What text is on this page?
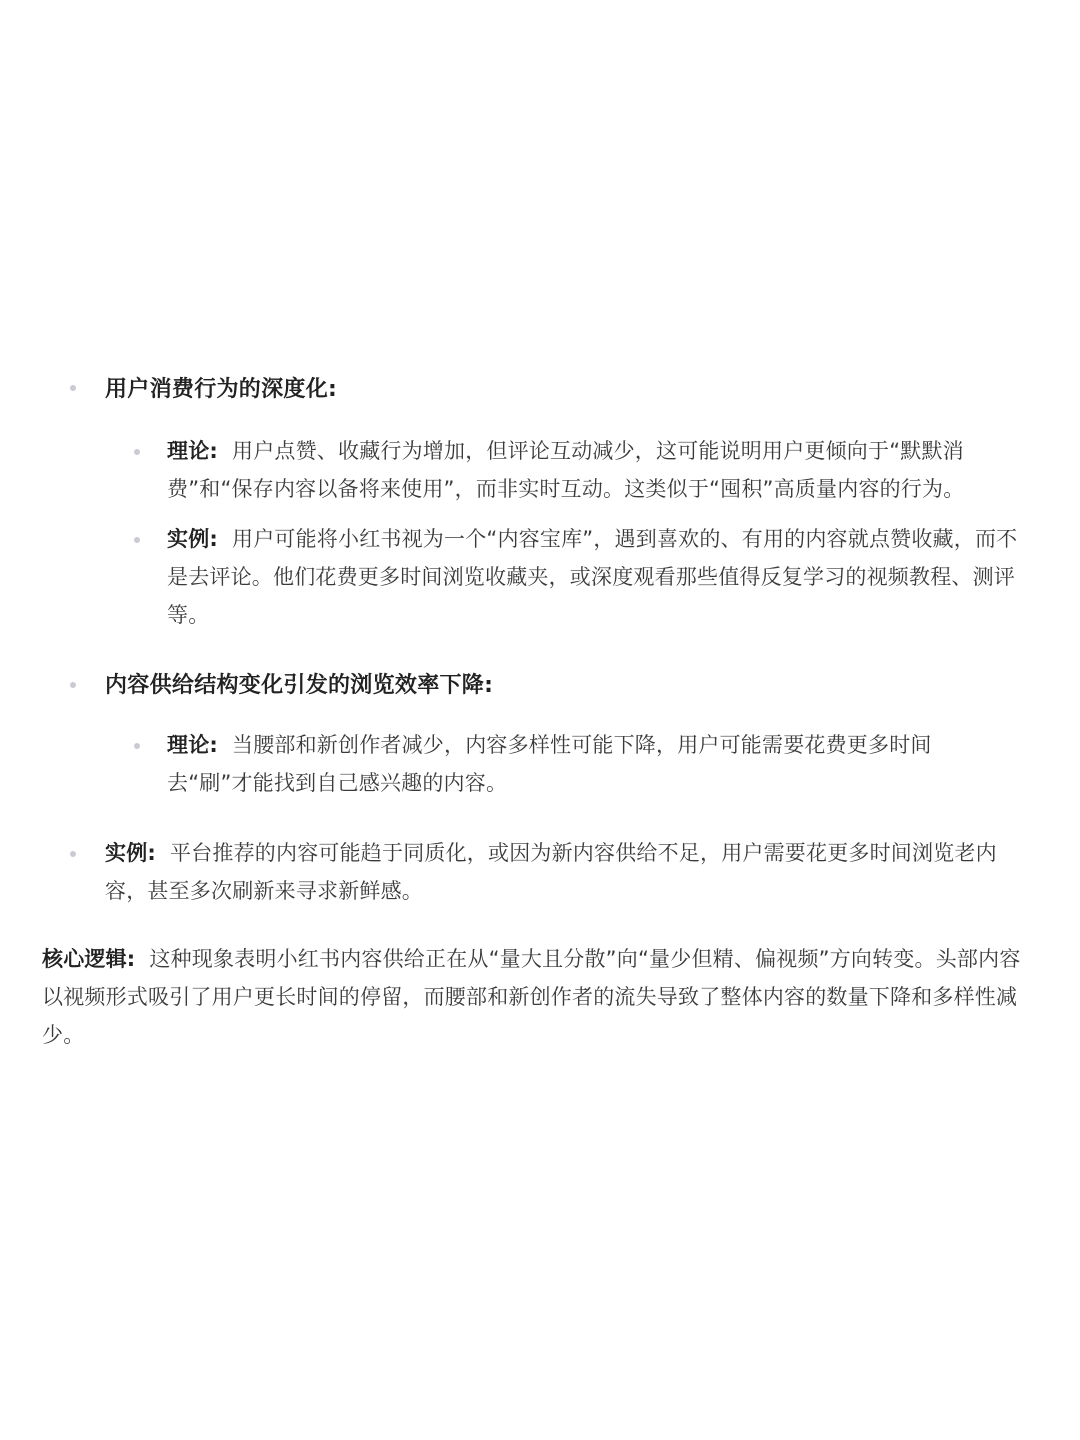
用户消费行为的深度化:
理论: 用户点赞、收藏行为增加，但评论互动减少，这可能说明用户更倾向于“默默消费”和“保存内容以备将来使用”，而非实时互动。这类似于“囤积”高质量内容的行为。
实例: 用户可能将小红书视为一个“内容宝库”，遇到喜欢的、有用的内容就点赞收藏，而不是去评论。他们花费更多时间浏览收藏夹，或深度观看那些值得反复学习的视频教程、测评等。
内容供给结构变化引发的浏览效率下降:
理论: 当腰部和新创作者减少，内容多样性可能下降，用户可能需要花费更多时间去“刷”才能找到自己感兴趣的内容。
实例: 平台推荐的内容可能趋于同质化，或因为新内容供给不足，用户需要花更多时间浏览老内容，甚至多次刷新来寻求新鲜感。
核心逻辑: 这种现象表明小红书内容供给正在从“量大且分散”向“量少但精、偏视频”方向转变。头部内容以视频形式吸引了用户更长时间的停留，而腰部和新创作者的流失导致了整体内容的数量下降和多样性减少。
